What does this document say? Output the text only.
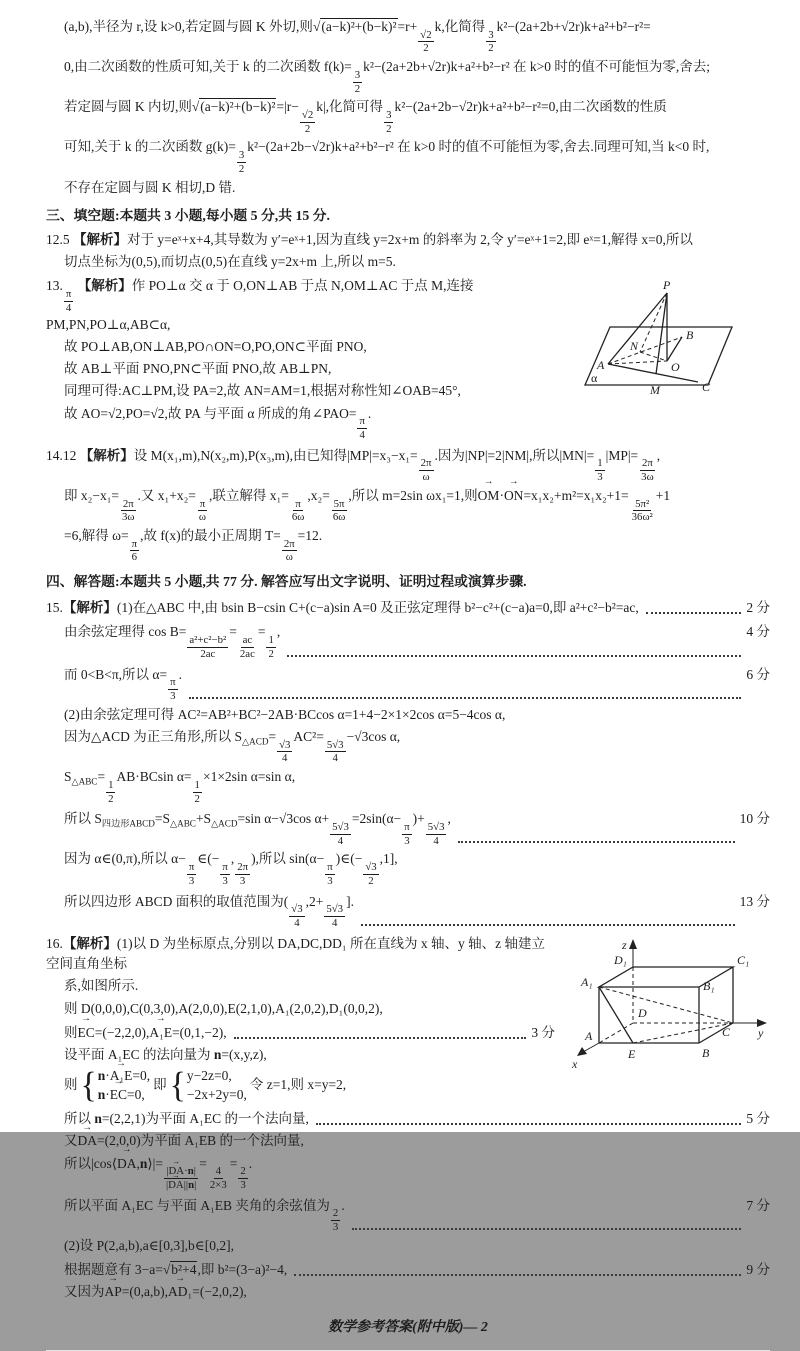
(a,b),半径为 r,设 k>0,若定圆与圆 K 外切,则√(a−k)²+(b−k)²=r+
$\frac{√2}{2}$
k,化简得
$\frac{3}{2}$
k²−(2a+2b+√2r)k+a²+b²−r²=
0,由二次函数的性质可知,关于 k 的二次函数 f(k)=
$\frac{3}{2}$
k²−(2a+2b+√2r)k+a²+b²−r² 在 k>0 时的值不可能恒为零,舍去;
若定圆与圆 K 内切,则√(a−k)²+(b−k)²=|r−
$\frac{√2}{2}$
k|,化简可得
$\frac{3}{2}$
k²−(2a+2b−√2r)k+a²+b²−r²=0,由二次函数的性质
可知,关于 k 的二次函数 g(k)=
$\frac{3}{2}$
k²−(2a+2b−√2r)k+a²+b²−r² 在 k>0 时的值不可能恒为零,舍去.同理可知,当 k<0 时,
不存在定圆与圆 K 相切,D 错.
三、填空题:本题共 3 小题,每小题 5 分,共 15 分.
12.5 【解析】对于 y=eˣ+x+4,其导数为 y′=eˣ+1,因为直线 y=2x+m 的斜率为 2,令 y′=eˣ+1=2,即 eˣ=1,解得 x=0,所以
切点坐标为(0,5),而切点(0,5)在直线 y=2x+m 上,所以 m=5.
P
N
B
A	O
M	C
α
13.
$\frac{\pi}{4}$
【解析】作 PO⊥α 交 α 于 O,ON⊥AB 于点 N,OM⊥AC 于点 M,连接 PM,PN,PO⊥α,AB⊂α,
故 PO⊥AB,ON⊥AB,PO∩ON=O,PO,ON⊂平面 PNO,
故 AB⊥平面 PNO,PN⊂平面 PNO,故 AB⊥PN,
同理可得:AC⊥PM,设 PA=2,故 AN=AM=1,根据对称性知∠OAB=45°,
故 AO=√2,PO=√2,故 PA 与平面 α 所成的角∠PAO=
$\frac{\pi}{4}$
.
14.12 【解析】设 M(x₁,m),N(x₂,m),P(x₃,m),由已知得|MP|=x₃−x₁=
$\frac{2\pi}{\omega}$
.因为|NP|=2|NM|,所以|MN|=
$\frac{1}{3}$
|MP|=
$\frac{2\pi}{3\omega}$
,
即 x₂−x₁=
$\frac{2\pi}{3\omega}$
.又 x₁+x₂=
$\frac{\pi}{\omega}$
,联立解得 x₁=
$\frac{\pi}{6\omega}$
,x₂=
$\frac{5\pi}{6\omega}$
,所以 m=2sin ωx₁=1,则OM →·ON →=x₁x₂+m²=x₁x₂+1=
$\frac{\text{5π²}}{\text{36ω²}}$
+1
=6,解得 ω=
$\frac{\pi}{6}$
,故 f(x)的最小正周期 T=
$\frac{2\pi}{\omega}$
=12.
四、解答题:本题共 5 小题,共 77 分. 解答应写出文字说明、证明过程或演算步骤.
15.【解析】(1)在△ABC 中,由 bsin B−csin C+(c−a)sin A=0 及正弦定理得 b²−c²+(c−a)a=0,即 a²+c²−b²=ac,	2 分
由余弦定理得 cos B=
$\frac{\text{a²+c²−b²}}{2ac}$
=
$\frac{ac}{2ac}$
=
$\frac{1}{2}$
,	4 分
而 0<B<π,所以 α=
$\frac{\pi}{3}$
.	6 分
(2)由余弦定理可得 AC²=AB²+BC²−2AB·BCcos α=1+4−2×1×2cos α=5−4cos α,
因为△ACD 为正三角形,所以 $S_{\triangle ACD}=$
$\frac{√3}{4}$
AC²=
$\frac{5√3}{4}$
−√3cos α,
$S_{\triangle ABC}=$
$\frac{1}{2}$
AB·BCsin α=
$\frac{1}{2}$
×1×2sin α=sin α,
所以 $S_{四边形ABCD}=S_{\triangle ABC}+S_{\triangle ACD}=\sin$ α−√3cos α+
$\frac{5√3}{4}$
=2sin(α−
$\frac{\pi}{3}$
)+
$\frac{5√3}{4}$
,	10 分
因为 α∈(0,π),所以 α−
$\frac{\pi}{3}$
∈(−
$\frac{\pi}{3}$
,
$\frac{2\pi}{3}$
),所以 sin(α−
$\frac{\pi}{3}$
)∈(−
$\frac{√3}{2}$
,1],
所以四边形 ABCD 面积的取值范围为(
$\frac{√3}{4}$
,2+
$\frac{5√3}{4}$
].	13 分
z
D₁	C₁
A₁	B₁
D
C y
A
E	B
x
16.【解析】(1)以 D 为坐标原点,分别以 DA,DC,DD₁ 所在直线为 x 轴、y 轴、z 轴建立空间直角坐标
系,如图所示.
则 D(0,0,0),C(0,3,0),A(2,0,0),E(2,1,0),A₁(2,0,2),D₁(0,0,2),
则EC →=(−2,2,0),A₁E →=(0,1,−2),	3 分
设平面 A₁EC 的法向量为 n=(x,y,z),
则 { n·A₁E →=0,
n·EC →=0,
即 { y−2z=0,
−2x+2y=0,
令 z=1,则 x=y=2,
所以 n=(2,2,1)为平面 A₁EC 的一个法向量,	5 分
又DA →=(2,0,0)为平面 A₁EB 的一个法向量,
所以|cos⟨DA →,n⟩|=
$\frac{|DA \to\cdot n|}{|DA \to||n|}$
=
$\frac{4}{2\times 3}$
=
$\frac{2}{3}$
.
所以平面 A₁EC 与平面 A₁EB 夹角的余弦值为
$\frac{2}{3}$
.	7 分
(2)设 P(2,a,b),a∈[0,3],b∈[0,2],
根据题意有 3−a=√b²+4,即 b²=(3−a)²−4,	9 分
又因为AP →=(0,a,b),AD₁ →=(−2,0,2),
数学参考答案(附中版)— 2
